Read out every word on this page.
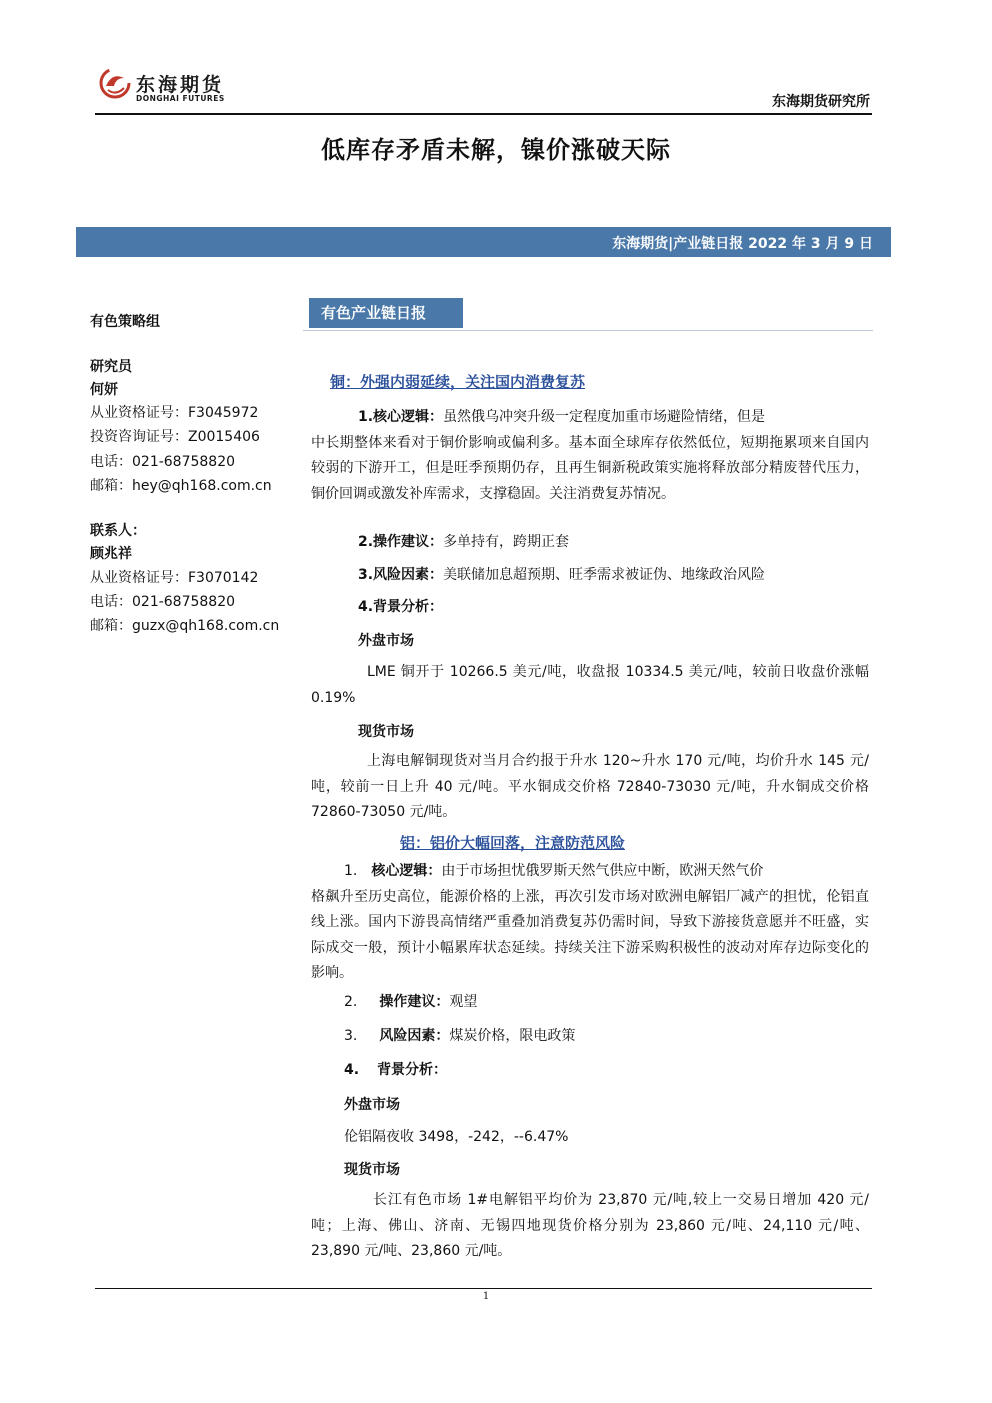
东海期货
DONGHAI FUTURES	东海期货研究所
低库存矛盾未解，镍价涨破天际
东海期货|产业链日报 2022 年 3 月 9 日
有色策略组
研究员
何妍
从业资格证号：F3045972
投资咨询证号：Z0015406
电话：021-68758820
邮箱：hey@qh168.com.cn
联系人：
顾兆祥
从业资格证号：F3070142
电话：021-68758820
邮箱：guzx@qh168.com.cn
有色产业链日报
铜：外强内弱延续，关注国内消费复苏
1.核心逻辑：虽然俄乌冲突升级一定程度加重市场避险情绪，但是
中长期整体来看对于铜价影响或偏利多。基本面全球库存依然低位，短期拖累项来自国内较弱的下游开工，但是旺季预期仍存，且再生铜新税政策实施将释放部分精废替代压力，铜价回调或激发补库需求，支撑稳固。关注消费复苏情况。
2.操作建议：多单持有，跨期正套
3.风险因素：美联储加息超预期、旺季需求被证伪、地缘政治风险
4.背景分析：
外盘市场
LME 铜开于 10266.5 美元/吨，收盘报 10334.5 美元/吨，较前日收盘价涨幅 0.19%
现货市场
上海电解铜现货对当月合约报于升水 120~升水 170 元/吨，均价升水 145 元/吨，较前一日上升 40 元/吨。平水铜成交价格 72840-73030 元/吨，升水铜成交价格 72860-73050 元/吨。
铝：铝价大幅回落，注意防范风险
1. 核心逻辑：由于市场担忧俄罗斯天然气供应中断，欧洲天然气价
格飙升至历史高位，能源价格的上涨，再次引发市场对欧洲电解铝厂减产的担忧，伦铝直线上涨。国内下游畏高情绪严重叠加消费复苏仍需时间，导致下游接货意愿并不旺盛，实际成交一般，预计小幅累库状态延续。持续关注下游采购积极性的波动对库存边际变化的影响。
2. 操作建议：观望
3. 风险因素：煤炭价格，限电政策
4. 背景分析：
外盘市场
伦铝隔夜收 3498，-242，--6.47%
现货市场
长江有色市场 1#电解铝平均价为 23,870 元/吨,较上一交易日增加 420 元/吨；上海、佛山、济南、无锡四地现货价格分别为 23,860 元/吨、24,110 元/吨、23,890 元/吨、23,860 元/吨。
1
